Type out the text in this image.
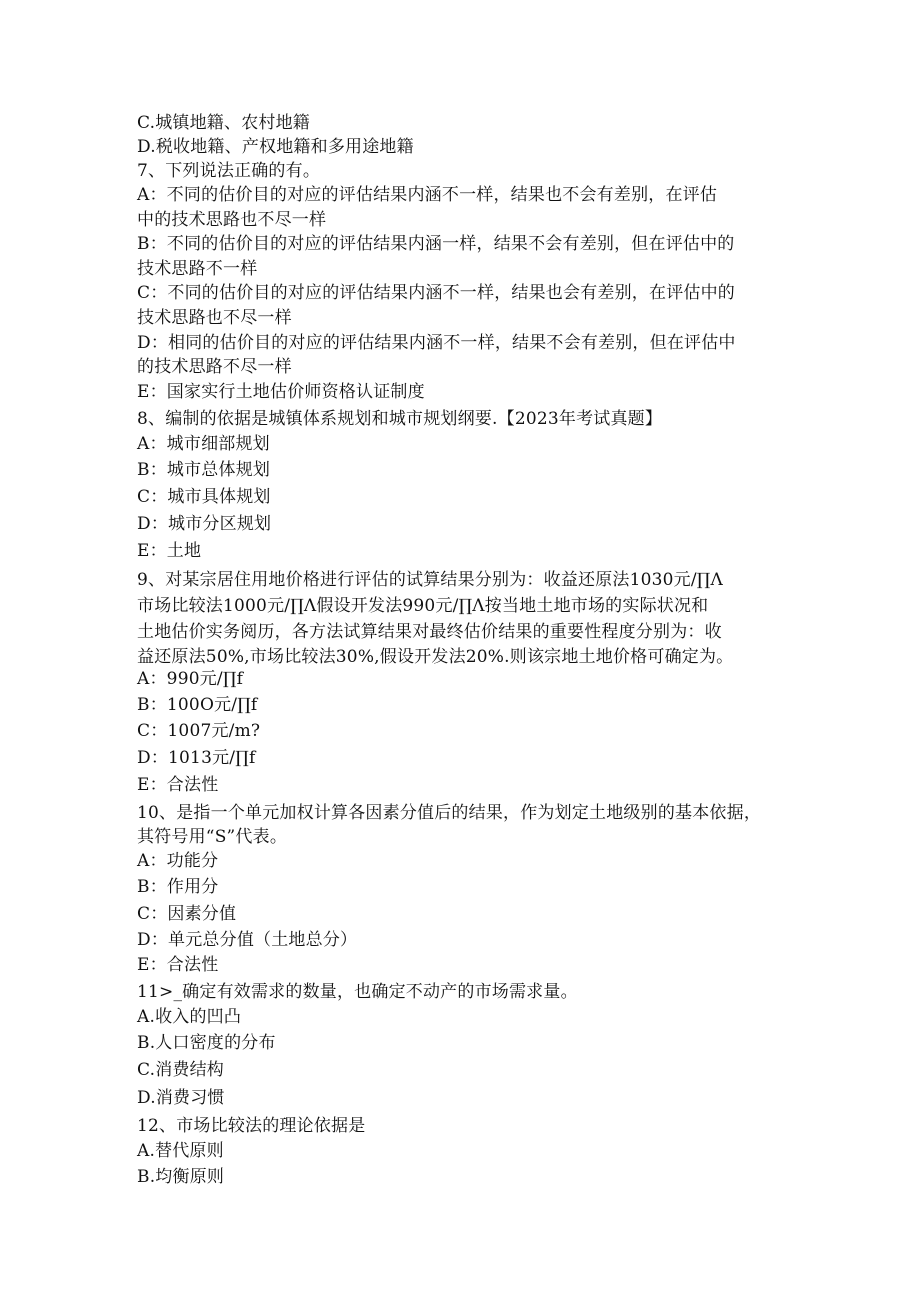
C.城镇地籍、农村地籍
D.税收地籍、产权地籍和多用途地籍
7、下列说法正确的有。
A：不同的估价目的对应的评估结果内涵不一样，结果也不会有差别，在评估
中的技术思路也不尽一样
B：不同的估价目的对应的评估结果内涵一样，结果不会有差别，但在评估中的
技术思路不一样
C：不同的估价目的对应的评估结果内涵不一样，结果也会有差别，在评估中的
技术思路也不尽一样
D：相同的估价目的对应的评估结果内涵不一样，结果不会有差别，但在评估中
的技术思路不尽一样
E：国家实行土地估价师资格认证制度
8、编制的依据是城镇体系规划和城市规划纲要.【2023年考试真题】
A：城市细部规划
B：城市总体规划
C：城市具体规划
D：城市分区规划
E：土地
9、对某宗居住用地价格进行评估的试算结果分别为：收益还原法1030元/∏Λ
市场比较法1000元/∏Λ假设开发法990元/∏Λ按当地土地市场的实际状况和
土地估价实务阅历，各方法试算结果对最终估价结果的重要性程度分别为：收
益还原法50%,市场比较法30%,假设开发法20%.则该宗地土地价格可确定为。
A：990元/∏f
B：100O元/∏f
C：1007元/m?
D：1013元/∏f
E：合法性
10、是指一个单元加权计算各因素分值后的结果，作为划定土地级别的基本依据，
其符号用“S”代表。
A：功能分
B：作用分
C：因素分值
D：单元总分值（土地总分）
E：合法性
11>_确定有效需求的数量，也确定不动产的市场需求量。
A.收入的凹凸
B.人口密度的分布
C.消费结构
D.消费习惯
12、市场比较法的理论依据是
A.替代原则
B.均衡原则
